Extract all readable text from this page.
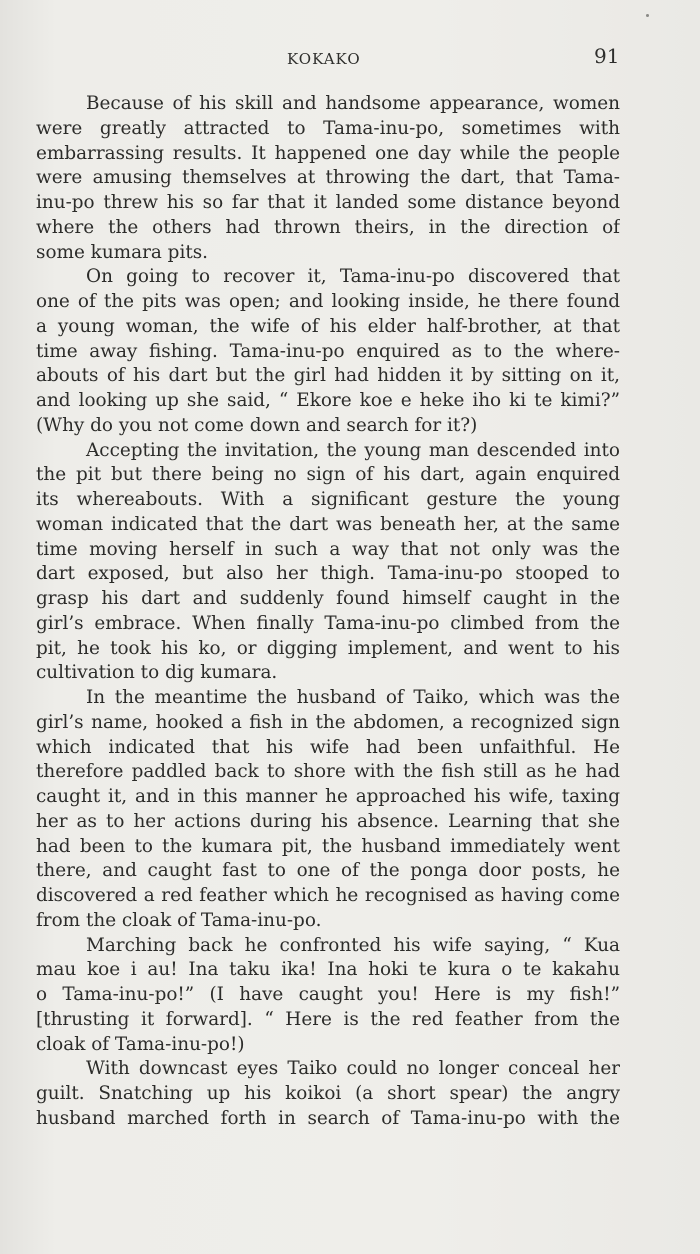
KOKAKO	91
Because of his skill and handsome appearance, women
were greatly attracted to Tama-inu-po, sometimes with
embarrassing results. It happened one day while the people
were amusing themselves at throwing the dart, that Tama-
inu-po threw his so far that it landed some distance beyond
where the others had thrown theirs, in the direction of
some kumara pits.
On going to recover it, Tama-inu-po discovered that
one of the pits was open; and looking inside, he there found
a young woman, the wife of his elder half-brother, at that
time away fishing. Tama-inu-po enquired as to the where-
abouts of his dart but the girl had hidden it by sitting on it,
and looking up she said, “ Ekore koe e heke iho ki te kimi?”
(Why do you not come down and search for it?)
Accepting the invitation, the young man descended into
the pit but there being no sign of his dart, again enquired
its whereabouts. With a significant gesture the young
woman indicated that the dart was beneath her, at the same
time moving herself in such a way that not only was the
dart exposed, but also her thigh. Tama-inu-po stooped to
grasp his dart and suddenly found himself caught in the
girl’s embrace. When finally Tama-inu-po climbed from the
pit, he took his ko, or digging implement, and went to his
cultivation to dig kumara.
In the meantime the husband of Taiko, which was the
girl’s name, hooked a fish in the abdomen, a recognized sign
which indicated that his wife had been unfaithful. He
therefore paddled back to shore with the fish still as he had
caught it, and in this manner he approached his wife, taxing
her as to her actions during his absence. Learning that she
had been to the kumara pit, the husband immediately went
there, and caught fast to one of the ponga door posts, he
discovered a red feather which he recognised as having come
from the cloak of Tama-inu-po.
Marching back he confronted his wife saying, “ Kua
mau koe i au! Ina taku ika! Ina hoki te kura o te kakahu
o Tama-inu-po!” (I have caught you! Here is my fish!”
[thrusting it forward]. “ Here is the red feather from the
cloak of Tama-inu-po!)
With downcast eyes Taiko could no longer conceal her
guilt. Snatching up his koikoi (a short spear) the angry
husband marched forth in search of Tama-inu-po with the
